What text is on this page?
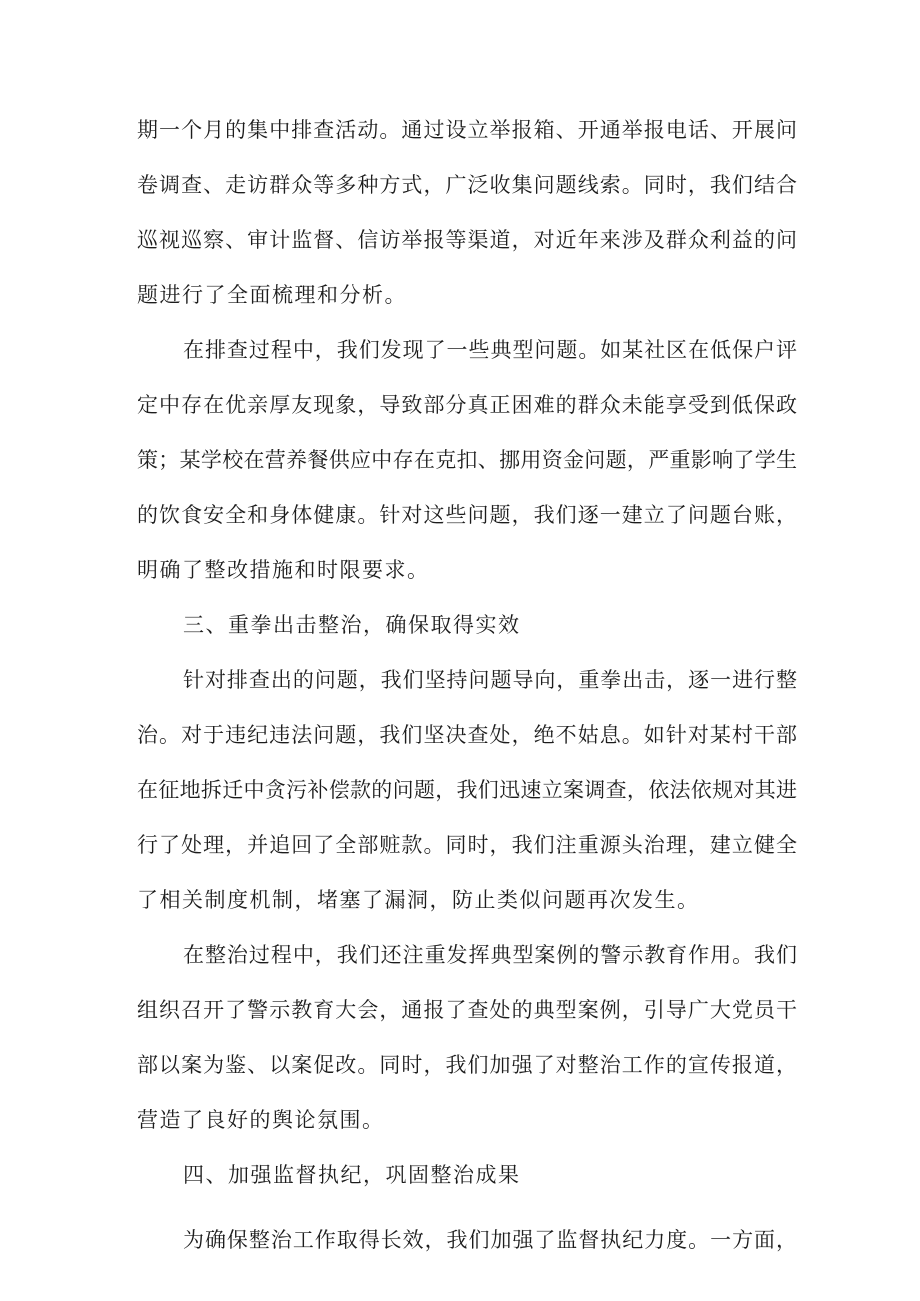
期一个月的集中排查活动。通过设立举报箱、开通举报电话、开展问

卷调查、走访群众等多种方式，广泛收集问题线索。同时，我们结合

巡视巡察、审计监督、信访举报等渠道，对近年来涉及群众利益的问

题进行了全面梳理和分析。

在排查过程中，我们发现了一些典型问题。如某社区在低保户评

定中存在优亲厚友现象，导致部分真正困难的群众未能享受到低保政

策；某学校在营养餐供应中存在克扣、挪用资金问题，严重影响了学生

的饮食安全和身体健康。针对这些问题，我们逐一建立了问题台账，

明确了整改措施和时限要求。

三、重拳出击整治，确保取得实效

针对排查出的问题，我们坚持问题导向，重拳出击，逐一进行整

治。对于违纪违法问题，我们坚决查处，绝不姑息。如针对某村干部

在征地拆迁中贪污补偿款的问题，我们迅速立案调查，依法依规对其进

行了处理，并追回了全部赃款。同时，我们注重源头治理，建立健全

了相关制度机制，堵塞了漏洞，防止类似问题再次发生。

在整治过程中，我们还注重发挥典型案例的警示教育作用。我们

组织召开了警示教育大会，通报了查处的典型案例，引导广大党员干

部以案为鉴、以案促改。同时，我们加强了对整治工作的宣传报道，

营造了良好的舆论氛围。

四、加强监督执纪，巩固整治成果

为确保整治工作取得长效，我们加强了监督执纪力度。一方面，
